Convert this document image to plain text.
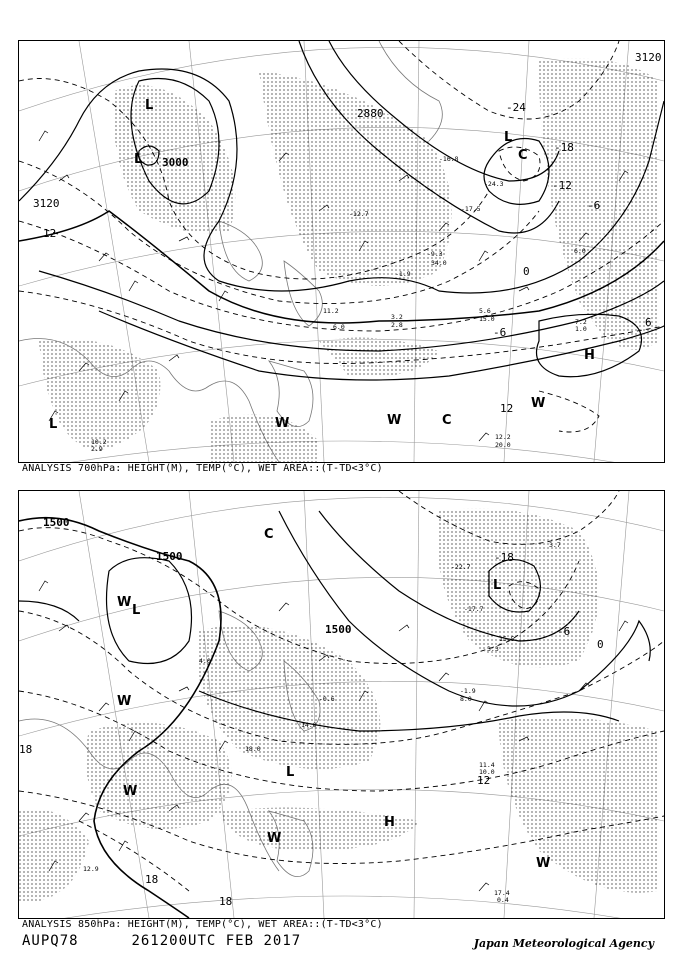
3120
3000
2880
3120
12
-24
-18
-12
-6
0
-6
6
12
L
L
L
C
H
L	W
W	C
W
-24.3
-17.5
-16.8
6.0
7.2
1.0
12.2
20.0
10.2
2.9
-1.9
-12.7
-9.3
34.0
5.6
15.0
3.2
2.8
11.2
6.0
ANALYSIS 700hPa: HEIGHT(M), TEMP(°C), WET AREA::(T-TD<3°C)
1500
1500
1500
-18
-6
0
12
18
18
18
L
W
C
L
L
W
W
H
W
W
-22.7
-17.7
-1.9
8.0
11.4
10.0
17.4
0.4
12.9
3.7
14.0
15.5
3.3
4.0
-0.6
18.0
ANALYSIS 850hPa: HEIGHT(M), TEMP(°C), WET AREA::(T-TD<3°C)
AUPQ78	261200UTC FEB 2017	Japan Meteorological Agency
